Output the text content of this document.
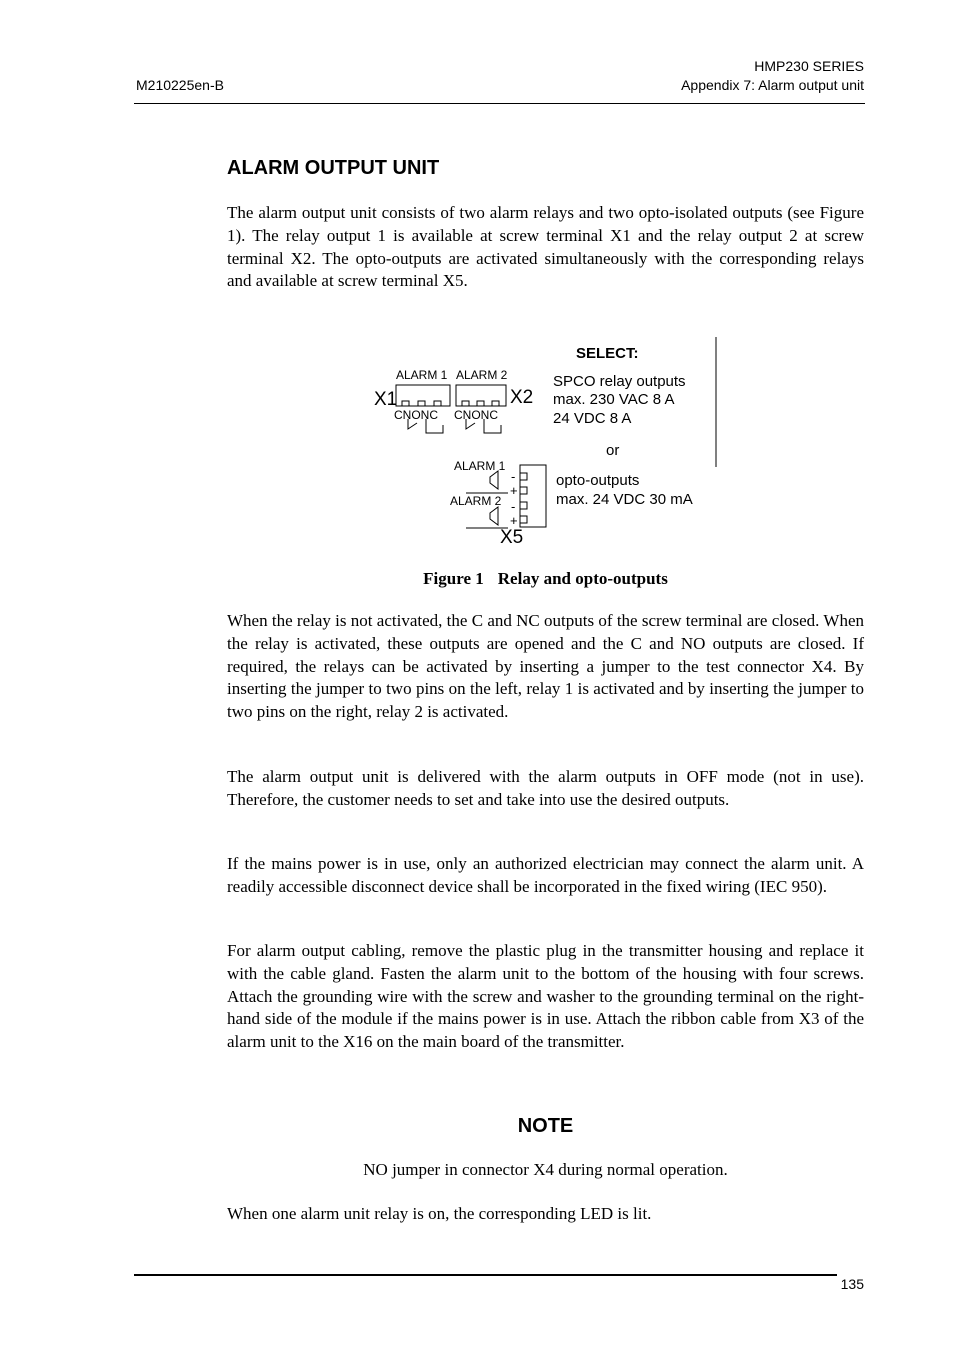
M210225en-B
HMP230 SERIES
Appendix 7: Alarm output unit
ALARM OUTPUT UNIT

The alarm output unit consists of two alarm relays and two opto-isolated outputs (see Figure 1). The relay output 1 is available at screw terminal X1 and the relay output 2 at screw terminal X2. The opto-outputs are activated simultaneously with the corresponding relays and available at screw terminal X5.

SELECT:
ALARM 1 ALARM 2
X1	X2
CNONC CNONC
SPCO relay outputs
max. 230 VAC 8 A
24 VDC 8 A
or
ALARM 1
ALARM 2
-
+
-
+
X5
opto-outputs
max. 24 VDC 30 mA
Figure 1 Relay and opto-outputs

When the relay is not activated, the C and NC outputs of the screw terminal are closed. When the relay is activated, these outputs are opened and the C and NO outputs are closed. If required, the relays can be activated by inserting a jumper to the test connector X4. By inserting the jumper to two pins on the left, relay 1 is activated and by inserting the jumper to two pins on the right, relay 2 is activated.

The alarm output unit is delivered with the alarm outputs in OFF mode (not in use). Therefore, the customer needs to set and take into use the desired outputs.

If the mains power is in use, only an authorized electrician may connect the alarm unit. A readily accessible disconnect device shall be incorporated in the fixed wiring (IEC 950).

For alarm output cabling, remove the plastic plug in the transmitter housing and replace it with the cable gland. Fasten the alarm unit to the bottom of the housing with four screws. Attach the grounding wire with the screw and washer to the grounding terminal on the right-hand side of the module if the mains power is in use. Attach the ribbon cable from X3 of the alarm unit to the X16 on the main board of the transmitter.

NOTE

NO jumper in connector X4 during normal operation.

When one alarm unit relay is on, the corresponding LED is lit.

135
